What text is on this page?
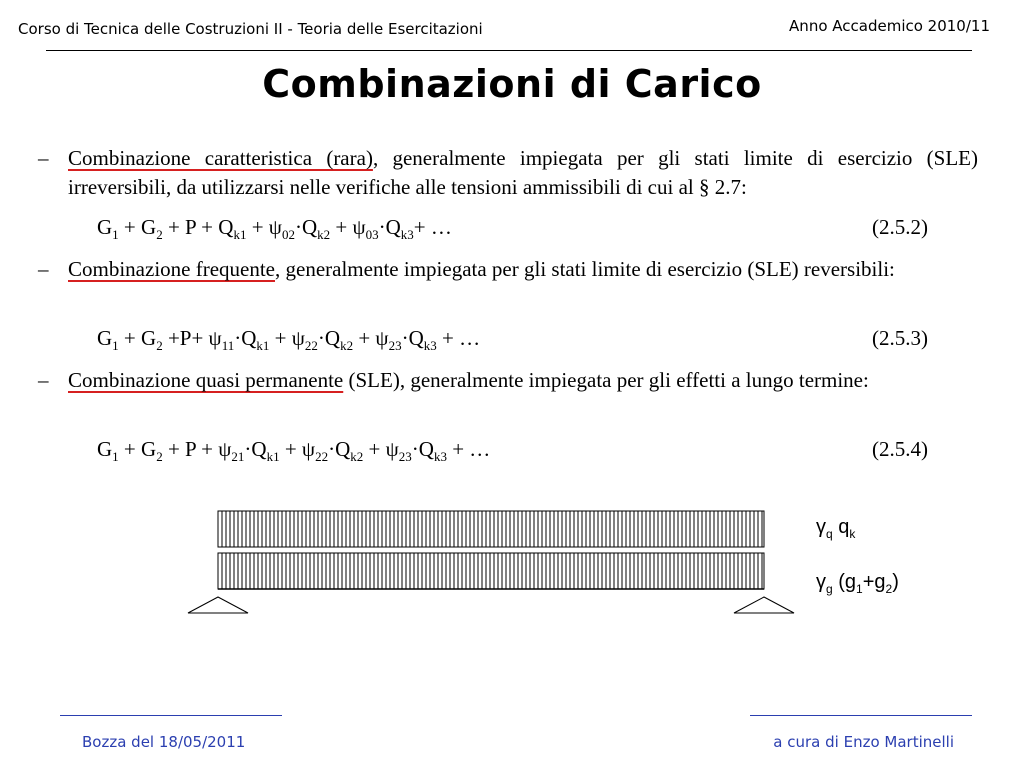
Corso di Tecnica delle Costruzioni II - Teoria delle Esercitazioni	Anno Accademico 2010/11
Combinazioni di Carico
– Combinazione caratteristica (rara), generalmente impiegata per gli stati limite di esercizio (SLE) irreversibili, da utilizzarsi nelle verifiche alle tensioni ammissibili di cui al § 2.7:
$G_1 + G_2 + P + Q_{k1} + \psi_{02}\cdot Q_{k2} + \psi_{03}\cdot Q_{k3}+$ …	(2.5.2)
– Combinazione frequente, generalmente impiegata per gli stati limite di esercizio (SLE) reversibili:
$G_1 + G_2 +P+ \psi_{11}\cdot Q_{k1} + \psi_{22}\cdot Q_{k2} + \psi_{23}\cdot Q_{k3}$ + …	(2.5.3)
– Combinazione quasi permanente (SLE), generalmente impiegata per gli effetti a lungo termine:
$G_1 + G_2 + P + \psi_{21}\cdot Q_{k1} + \psi_{22}\cdot Q_{k2} + \psi_{23}\cdot Q_{k3}$ + …	(2.5.4)
$\gamma_q$ $q_k$
$\gamma_g$ $(g_1+g_2)$
Bozza del 18/05/2011	a cura di Enzo Martinelli
